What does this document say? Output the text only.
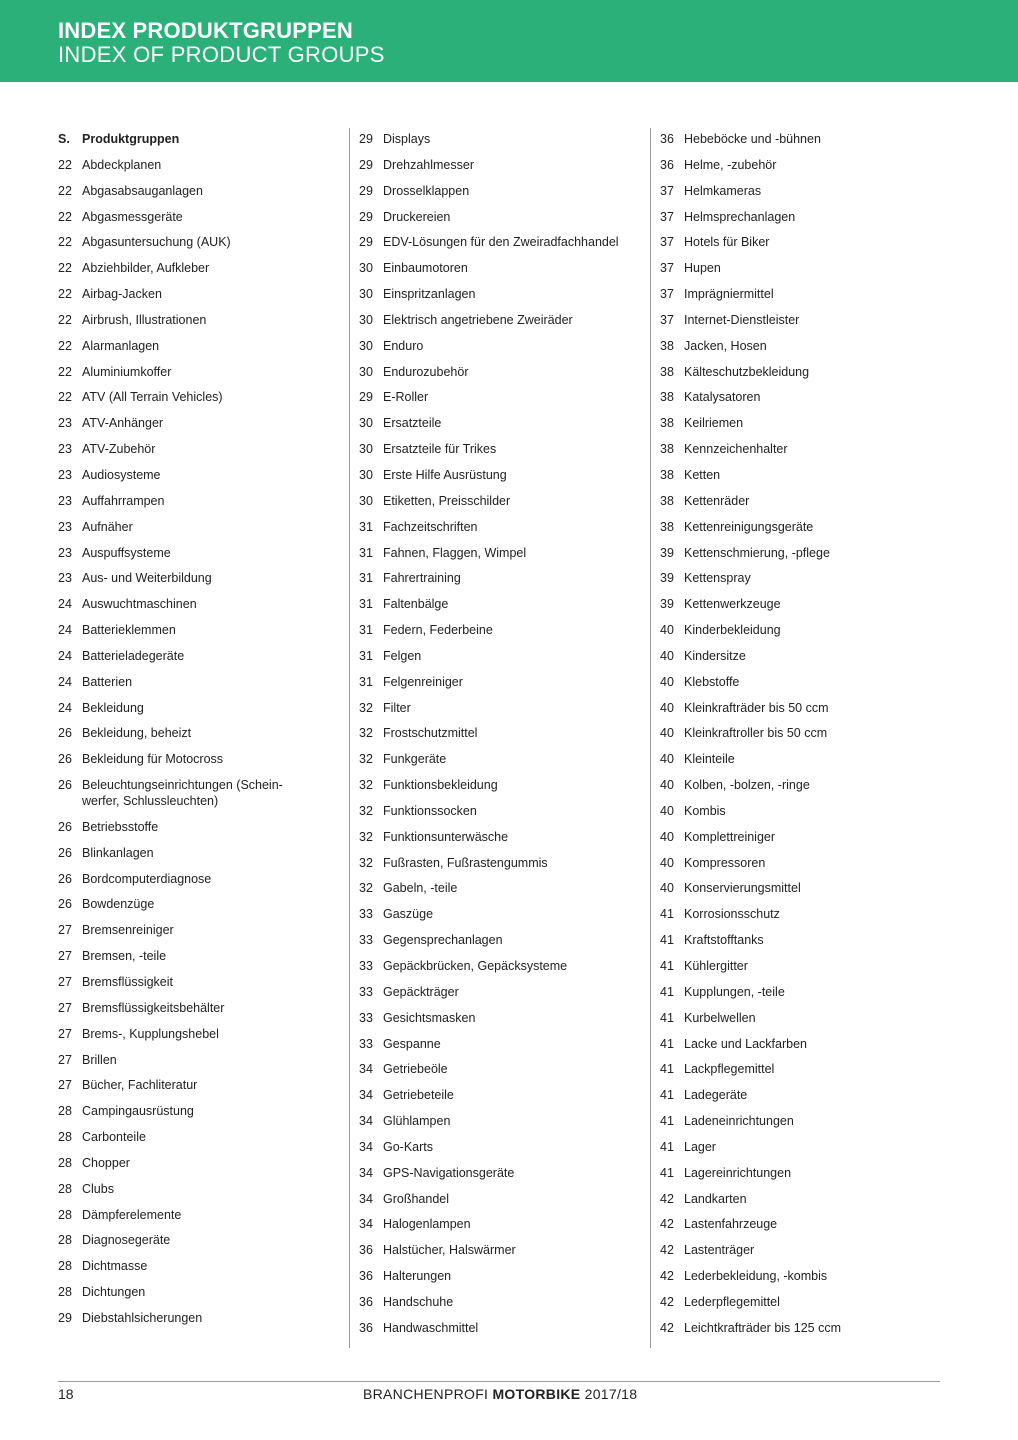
INDEX PRODUKTGRUPPEN
INDEX OF PRODUCT GROUPS
S. Produktgruppen
22 Abdeckplanen
22 Abgasabsauganlagen
22 Abgasmessgeräte
22 Abgasuntersuchung (AUK)
22 Abziehbilder, Aufkleber
22 Airbag-Jacken
22 Airbrush, Illustrationen
22 Alarmanlagen
22 Aluminiumkoffer
22 ATV (All Terrain Vehicles)
23 ATV-Anhänger
23 ATV-Zubehör
23 Audiosysteme
23 Auffahrrampen
23 Aufnäher
23 Auspuffsysteme
23 Aus- und Weiterbildung
24 Auswuchtmaschinen
24 Batterieklemmen
24 Batterieladegeräte
24 Batterien
24 Bekleidung
26 Bekleidung, beheizt
26 Bekleidung für Motocross
26 Beleuchtungseinrichtungen (Schein-
werfer, Schlussleuchten)
26 Betriebsstoffe
26 Blinkanlagen
26 Bordcomputerdiagnose
26 Bowdenzüge
27 Bremsenreiniger
27 Bremsen, -teile
27 Bremsflüssigkeit
27 Bremsflüssigkeitsbehälter
27 Brems-, Kupplungshebel
27 Brillen
27 Bücher, Fachliteratur
28 Campingausrüstung
28 Carbonteile
28 Chopper
28 Clubs
28 Dämpferelemente
28 Diagnosegeräte
28 Dichtmasse
28 Dichtungen
29 Diebstahlsicherungen
29 Displays
29 Drehzahlmesser
29 Drosselklappen
29 Druckereien
29 EDV-Lösungen für den Zweiradfachhandel
30 Einbaumotoren
30 Einspritzanlagen
30 Elektrisch angetriebene Zweiräder
30 Enduro
30 Endurozubehör
29 E-Roller
30 Ersatzteile
30 Ersatzteile für Trikes
30 Erste Hilfe Ausrüstung
30 Etiketten, Preisschilder
31 Fachzeitschriften
31 Fahnen, Flaggen, Wimpel
31 Fahrertraining
31 Faltenbälge
31 Federn, Federbeine
31 Felgen
31 Felgenreiniger
32 Filter
32 Frostschutzmittel
32 Funkgeräte
32 Funktionsbekleidung
32 Funktionssocken
32 Funktionsunterwäsche
32 Fußrasten, Fußrastengummis
32 Gabeln, -teile
33 Gaszüge
33 Gegensprechanlagen
33 Gepäckbrücken, Gepäcksysteme
33 Gepäckträger
33 Gesichtsmasken
33 Gespanne
34 Getriebeöle
34 Getriebeteile
34 Glühlampen
34 Go-Karts
34 GPS-Navigationsgeräte
34 Großhandel
34 Halogenlampen
36 Halstücher, Halswärmer
36 Halterungen
36 Handschuhe
36 Handwaschmittel
36 Hebeböcke und -bühnen
36 Helme, -zubehör
37 Helmkameras
37 Helmsprechanlagen
37 Hotels für Biker
37 Hupen
37 Imprägniermittel
37 Internet-Dienstleister
38 Jacken, Hosen
38 Kälteschutzbekleidung
38 Katalysatoren
38 Keilriemen
38 Kennzeichenhalter
38 Ketten
38 Kettenräder
38 Kettenreinigungsgeräte
39 Kettenschmierung, -pflege
39 Kettenspray
39 Kettenwerkzeuge
40 Kinderbekleidung
40 Kindersitze
40 Klebstoffe
40 Kleinkrafträder bis 50 ccm
40 Kleinkraftroller bis 50 ccm
40 Kleinteile
40 Kolben, -bolzen, -ringe
40 Kombis
40 Komplettreiniger
40 Kompressoren
40 Konservierungsmittel
41 Korrosionsschutz
41 Kraftstofftanks
41 Kühlergitter
41 Kupplungen, -teile
41 Kurbelwellen
41 Lacke und Lackfarben
41 Lackpflegemittel
41 Ladegeräte
41 Ladeneinrichtungen
41 Lager
41 Lagereinrichtungen
42 Landkarten
42 Lastenfahrzeuge
42 Lastenträger
42 Lederbekleidung, -kombis
42 Lederpflegemittel
42 Leichtkrafträder bis 125 ccm
18	BRANCHENPROFI MOTORBIKE 2017/18
